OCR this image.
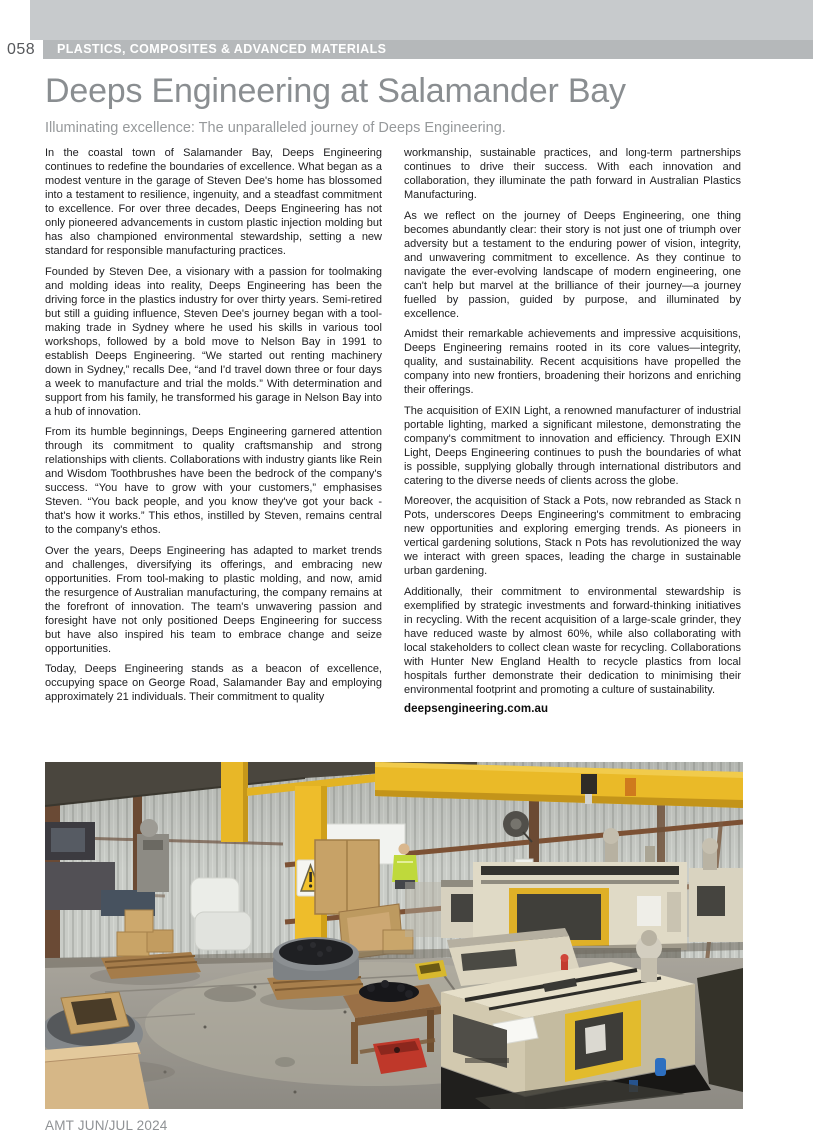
PLASTICS, COMPOSITES & ADVANCED MATERIALS
058
Deeps Engineering at Salamander Bay
Illuminating excellence: The unparalleled journey of Deeps Engineering.

In the coastal town of Salamander Bay, Deeps Engineering continues to redefine the boundaries of excellence. What began as a modest venture in the garage of Steven Dee's home has blossomed into a testament to resilience, ingenuity, and a steadfast commitment to excellence. For over three decades, Deeps Engineering has not only pioneered advancements in custom plastic injection molding but has also championed environmental stewardship, setting a new standard for responsible manufacturing practices.

Founded by Steven Dee, a visionary with a passion for toolmaking and molding ideas into reality, Deeps Engineering has been the driving force in the plastics industry for over thirty years. Semi-retired but still a guiding influence, Steven Dee's journey began with a tool-making trade in Sydney where he used his skills in various tool workshops, followed by a bold move to Nelson Bay in 1991 to establish Deeps Engineering. “We started out renting machinery down in Sydney,” recalls Dee, “and I'd travel down three or four days a week to manufacture and trial the molds.” With determination and support from his family, he transformed his garage in Nelson Bay into a hub of innovation.

From its humble beginnings, Deeps Engineering garnered attention through its commitment to quality craftsmanship and strong relationships with clients. Collaborations with industry giants like Rein and Wisdom Toothbrushes have been the bedrock of the company's success. “You have to grow with your customers,” emphasises Steven. “You back people, and you know they've got your back - that's how it works.” This ethos, instilled by Steven, remains central to the company's ethos.

Over the years, Deeps Engineering has adapted to market trends and challenges, diversifying its offerings, and embracing new opportunities. From tool-making to plastic molding, and now, amid the resurgence of Australian manufacturing, the company remains at the forefront of innovation. The team's unwavering passion and foresight have not only positioned Deeps Engineering for success but have also inspired his team to embrace change and seize opportunities.

Today, Deeps Engineering stands as a beacon of excellence, occupying space on George Road, Salamander Bay and employing approximately 21 individuals. Their commitment to quality

workmanship, sustainable practices, and long-term partnerships continues to drive their success. With each innovation and collaboration, they illuminate the path forward in Australian Plastics Manufacturing.

As we reflect on the journey of Deeps Engineering, one thing becomes abundantly clear: their story is not just one of triumph over adversity but a testament to the enduring power of vision, integrity, and unwavering commitment to excellence. As they continue to navigate the ever-evolving landscape of modern engineering, one can't help but marvel at the brilliance of their journey—a journey fuelled by passion, guided by purpose, and illuminated by excellence.

Amidst their remarkable achievements and impressive acquisitions, Deeps Engineering remains rooted in its core values—integrity, quality, and sustainability. Recent acquisitions have propelled the company into new frontiers, broadening their horizons and enriching their offerings.

The acquisition of EXIN Light, a renowned manufacturer of industrial portable lighting, marked a significant milestone, demonstrating the company's commitment to innovation and efficiency. Through EXIN Light, Deeps Engineering continues to push the boundaries of what is possible, supplying globally through international distributors and catering to the diverse needs of clients across the globe.

Moreover, the acquisition of Stack a Pots, now rebranded as Stack n Pots, underscores Deeps Engineering's commitment to embracing new opportunities and exploring emerging trends. As pioneers in vertical gardening solutions, Stack n Pots has revolutionized the way we interact with green spaces, leading the charge in sustainable urban gardening.

Additionally, their commitment to environmental stewardship is exemplified by strategic investments and forward-thinking initiatives in recycling. With the recent acquisition of a large-scale grinder, they have reduced waste by almost 60%, while also collaborating with local stakeholders to collect clean waste for recycling. Collaborations with Hunter New England Health to recycle plastics from local hospitals further demonstrate their dedication to minimising their environmental footprint and promoting a culture of sustainability.

deepsengineering.com.au
AMT JUN/JUL 2024
